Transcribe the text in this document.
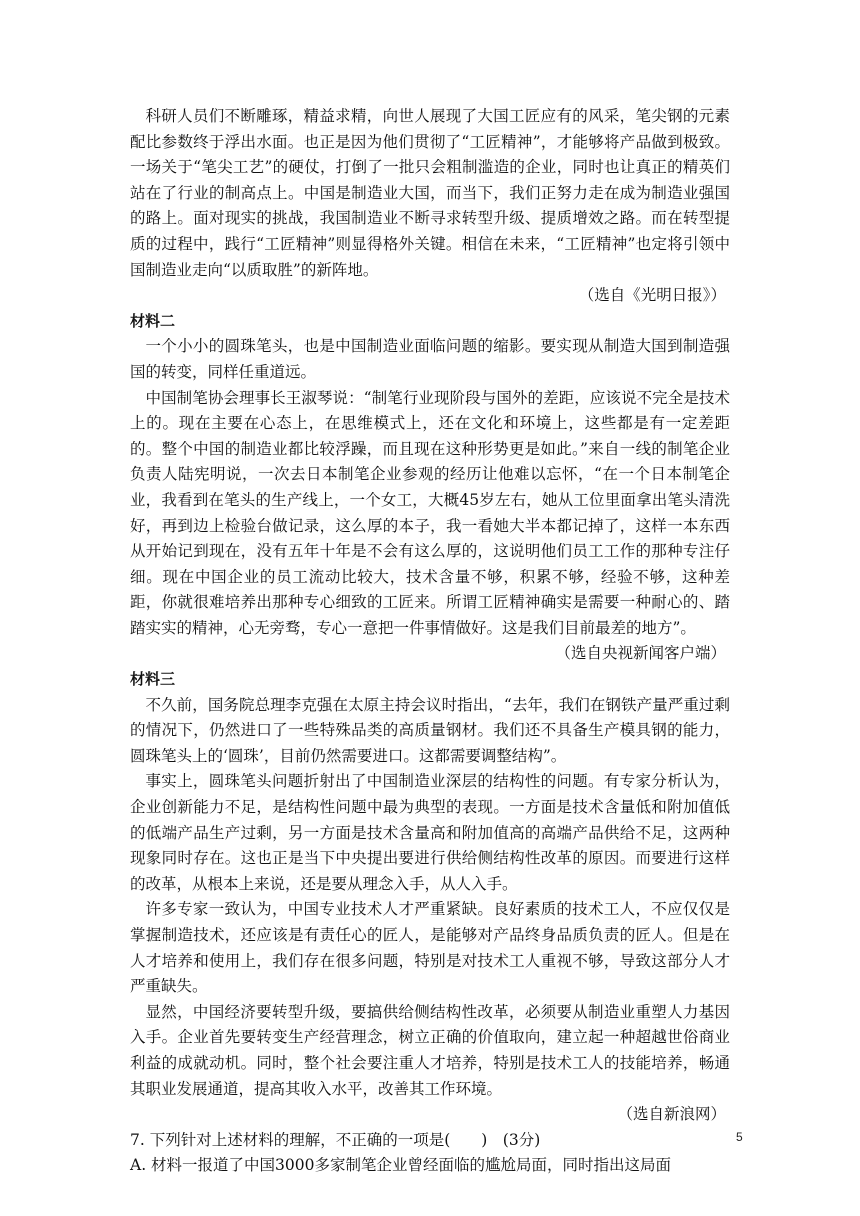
科研人员们不断雕琢，精益求精，向世人展现了大国工匠应有的风采，笔尖钢的元素配比参数终于浮出水面。也正是因为他们贯彻了“工匠精神”，才能够将产品做到极致。一场关于“笔尖工艺”的硬仗，打倒了一批只会粗制滥造的企业，同时也让真正的精英们站在了行业的制高点上。中国是制造业大国，而当下，我们正努力走在成为制造业强国的路上。面对现实的挑战，我国制造业不断寻求转型升级、提质增效之路。而在转型提质的过程中，践行“工匠精神”则显得格外关键。相信在未来，“工匠精神”也定将引领中国制造业走向“以质取胜”的新阵地。

（选自《光明日报》）

材料二

一个小小的圆珠笔头，也是中国制造业面临问题的缩影。要实现从制造大国到制造强国的转变，同样任重道远。

中国制笔协会理事长王淑琴说：“制笔行业现阶段与国外的差距，应该说不完全是技术上的。现在主要在心态上，在思维模式上，还在文化和环境上，这些都是有一定差距的。整个中国的制造业都比较浮躁，而且现在这种形势更是如此。”来自一线的制笔企业负责人陆宪明说，一次去日本制笔企业参观的经历让他难以忘怀，“在一个日本制笔企业，我看到在笔头的生产线上，一个女工，大概45岁左右，她从工位里面拿出笔头清洗好，再到边上检验台做记录，这么厚的本子，我一看她大半本都记掉了，这样一本东西从开始记到现在，没有五年十年是不会有这么厚的，这说明他们员工工作的那种专注仔细。现在中国企业的员工流动比较大，技术含量不够，积累不够，经验不够，这种差距，你就很难培养出那种专心细致的工匠来。所谓工匠精神确实是需要一种耐心的、踏踏实实的精神，心无旁骛，专心一意把一件事情做好。这是我们目前最差的地方”。

（选自央视新闻客户端）

材料三

不久前，国务院总理李克强在太原主持会议时指出，“去年，我们在钢铁产量严重过剩的情况下，仍然进口了一些特殊品类的高质量钢材。我们还不具备生产模具钢的能力，圆珠笔头上的‘圆珠’，目前仍然需要进口。这都需要调整结构”。

事实上，圆珠笔头问题折射出了中国制造业深层的结构性的问题。有专家分析认为，企业创新能力不足，是结构性问题中最为典型的表现。一方面是技术含量低和附加值低的低端产品生产过剩，另一方面是技术含量高和附加值高的高端产品供给不足，这两种现象同时存在。这也正是当下中央提出要进行供给侧结构性改革的原因。而要进行这样的改革，从根本上来说，还是要从理念入手，从人入手。

许多专家一致认为，中国专业技术人才严重紧缺。良好素质的技术工人，不应仅仅是掌握制造技术，还应该是有责任心的匠人，是能够对产品终身品质负责的匠人。但是在人才培养和使用上，我们存在很多问题，特别是对技术工人重视不够，导致这部分人才严重缺失。

显然，中国经济要转型升级，要搞供给侧结构性改革，必须要从制造业重塑人力基因入手。企业首先要转变生产经营理念，树立正确的价值取向，建立起一种超越世俗商业利益的成就动机。同时，整个社会要注重人才培养，特别是技术工人的技能培养，畅通其职业发展通道，提高其收入水平，改善其工作环境。

（选自新浪网）

7. 下列针对上述材料的理解，不正确的一项是(　　)　(3分)

A. 材料一报道了中国3000多家制笔企业曾经面临的尴尬局面，同时指出这局面

5
